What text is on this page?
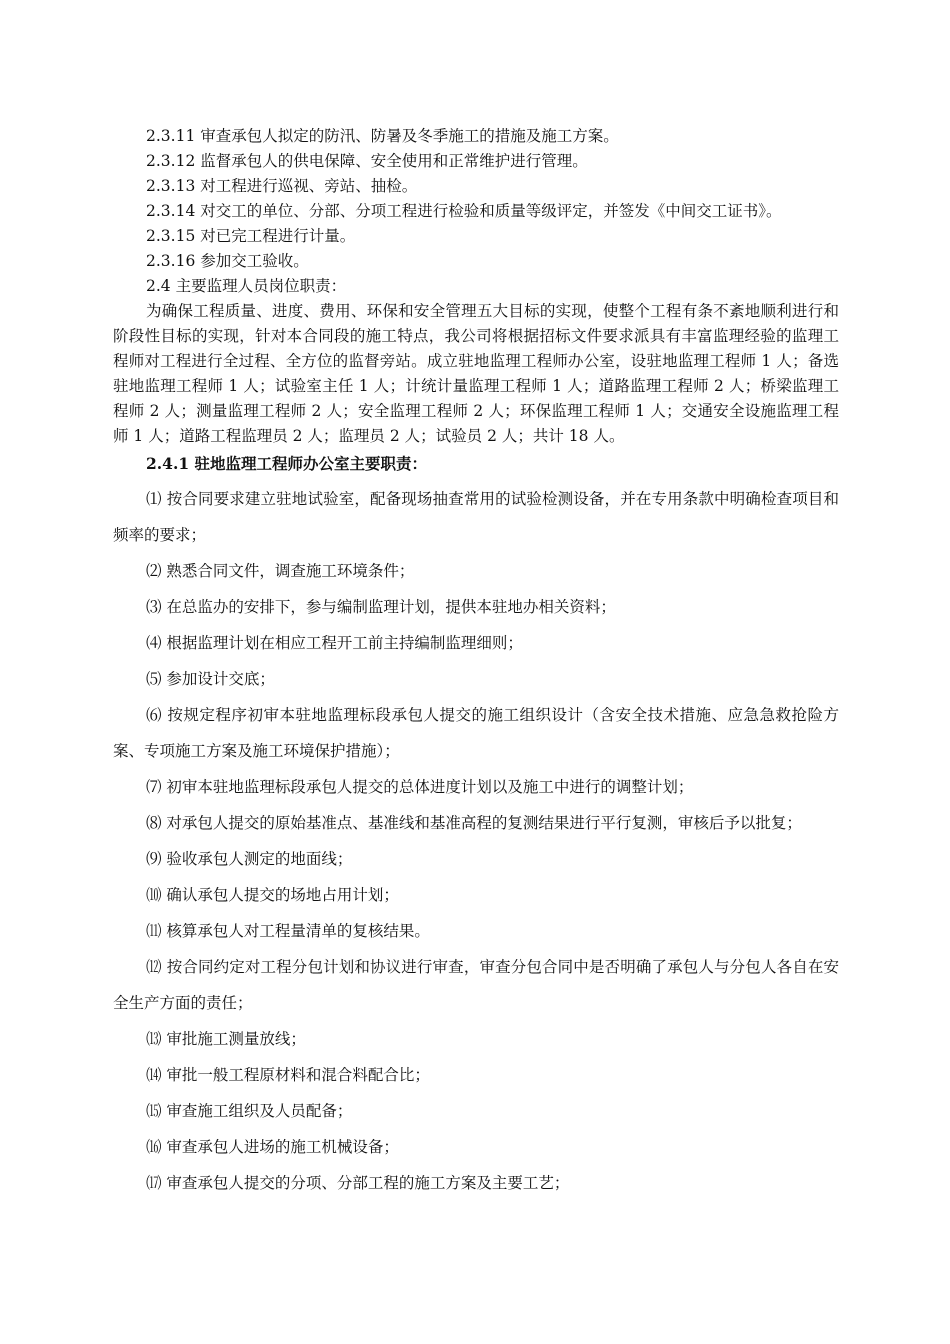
2.3.11 审查承包人拟定的防汛、防暑及冬季施工的措施及施工方案。

2.3.12 监督承包人的供电保障、安全使用和正常维护进行管理。

2.3.13 对工程进行巡视、旁站、抽检。

2.3.14 对交工的单位、分部、分项工程进行检验和质量等级评定，并签发《中间交工证书》。

2.3.15 对已完工程进行计量。

2.3.16 参加交工验收。

2.4 主要监理人员岗位职责：

为确保工程质量、进度、费用、环保和安全管理五大目标的实现，使整个工程有条不紊地顺利进行和阶段性目标的实现，针对本合同段的施工特点，我公司将根据招标文件要求派具有丰富监理经验的监理工程师对工程进行全过程、全方位的监督旁站。成立驻地监理工程师办公室，设驻地监理工程师 1 人；备选驻地监理工程师 1 人；试验室主任 1 人；计统计量监理工程师 1 人；道路监理工程师 2 人；桥梁监理工程师 2 人；测量监理工程师 2 人；安全监理工程师 2 人；环保监理工程师 1 人；交通安全设施监理工程师 1 人；道路工程监理员 2 人；监理员 2 人；试验员 2 人；共计 18 人。

2.4.1 驻地监理工程师办公室主要职责：

⑴ 按合同要求建立驻地试验室，配备现场抽查常用的试验检测设备，并在专用条款中明确检查项目和频率的要求；

⑵ 熟悉合同文件，调查施工环境条件；

⑶ 在总监办的安排下，参与编制监理计划，提供本驻地办相关资料；

⑷ 根据监理计划在相应工程开工前主持编制监理细则；

⑸ 参加设计交底；

⑹ 按规定程序初审本驻地监理标段承包人提交的施工组织设计（含安全技术措施、应急急救抢险方案、专项施工方案及施工环境保护措施）；

⑺ 初审本驻地监理标段承包人提交的总体进度计划以及施工中进行的调整计划；

⑻ 对承包人提交的原始基准点、基准线和基准高程的复测结果进行平行复测，审核后予以批复；

⑼ 验收承包人测定的地面线；

⑽ 确认承包人提交的场地占用计划；

⑾ 核算承包人对工程量清单的复核结果。

⑿ 按合同约定对工程分包计划和协议进行审查，审查分包合同中是否明确了承包人与分包人各自在安全生产方面的责任；

⒀ 审批施工测量放线；

⒁ 审批一般工程原材料和混合料配合比；

⒂ 审查施工组织及人员配备；

⒃ 审查承包人进场的施工机械设备；

⒄ 审查承包人提交的分项、分部工程的施工方案及主要工艺；
